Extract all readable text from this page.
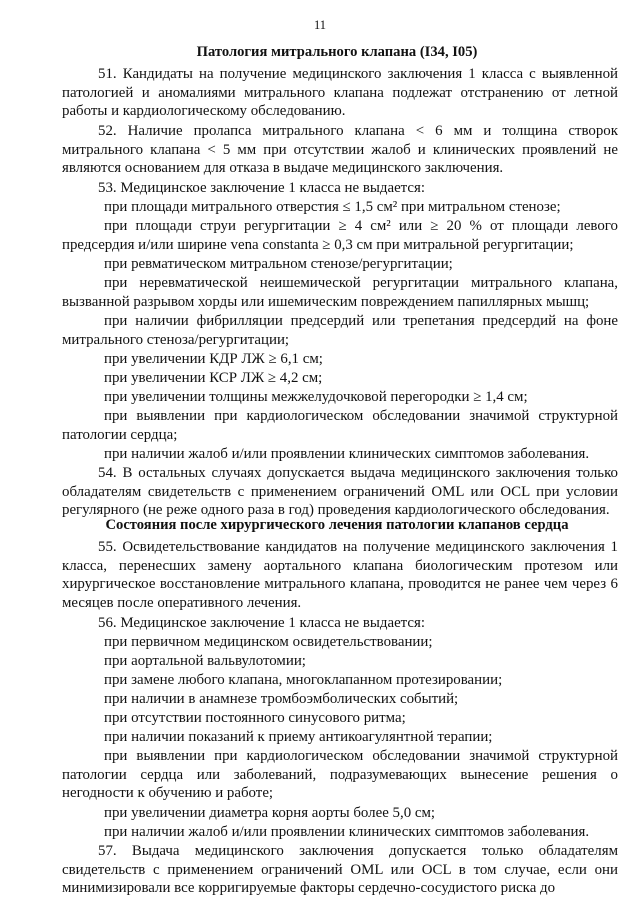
11
Патология митрального клапана (I34, I05)
51. Кандидаты на получение медицинского заключения 1 класса с выявленной патологией и аномалиями митрального клапана подлежат отстранению от летной работы и кардиологическому обследованию.
52. Наличие пролапса митрального клапана < 6 мм и толщина створок митрального клапана < 5 мм при отсутствии жалоб и клинических проявлений не являются основанием для отказа в выдаче медицинского заключения.
53. Медицинское заключение 1 класса не выдается:
при площади митрального отверстия ≤ 1,5 см² при митральном стенозе;
при площади струи регургитации ≥ 4 см² или ≥ 20 % от площади левого предсердия и/или ширине vena constanta ≥ 0,3 см при митральной регургитации;
при ревматическом митральном стенозе/регургитации;
при неревматической неишемической регургитации митрального клапана, вызванной разрывом хорды или ишемическим повреждением папиллярных мышц;
при наличии фибрилляции предсердий или трепетания предсердий на фоне митрального стеноза/регургитации;
при увеличении КДР ЛЖ ≥ 6,1 см;
при увеличении КСР ЛЖ ≥ 4,2 см;
при увеличении толщины межжелудочковой перегородки ≥ 1,4 см;
при выявлении при кардиологическом обследовании значимой структурной патологии сердца;
при наличии жалоб и/или проявлении клинических симптомов заболевания.
54. В остальных случаях допускается выдача медицинского заключения только обладателям свидетельств с применением ограничений OML или OCL при условии регулярного (не реже одного раза в год) проведения кардиологического обследования.
Состояния после хирургического лечения патологии клапанов сердца
55. Освидетельствование кандидатов на получение медицинского заключения 1 класса, перенесших замену аортального клапана биологическим протезом или хирургическое восстановление митрального клапана, проводится не ранее чем через 6 месяцев после оперативного лечения.
56. Медицинское заключение 1 класса не выдается:
при первичном медицинском освидетельствовании;
при аортальной вальвулотомии;
при замене любого клапана, многоклапанном протезировании;
при наличии в анамнезе тромбоэмболических событий;
при отсутствии постоянного синусового ритма;
при наличии показаний к приему антикоагулянтной терапии;
при выявлении при кардиологическом обследовании значимой структурной патологии сердца или заболеваний, подразумевающих вынесение решения о негодности к обучению и работе;
при увеличении диаметра корня аорты более 5,0 см;
при наличии жалоб и/или проявлении клинических симптомов заболевания.
57. Выдача медицинского заключения допускается только обладателям свидетельств с применением ограничений OML или OCL в том случае, если они минимизировали все корригируемые факторы сердечно-сосудистого риска до
